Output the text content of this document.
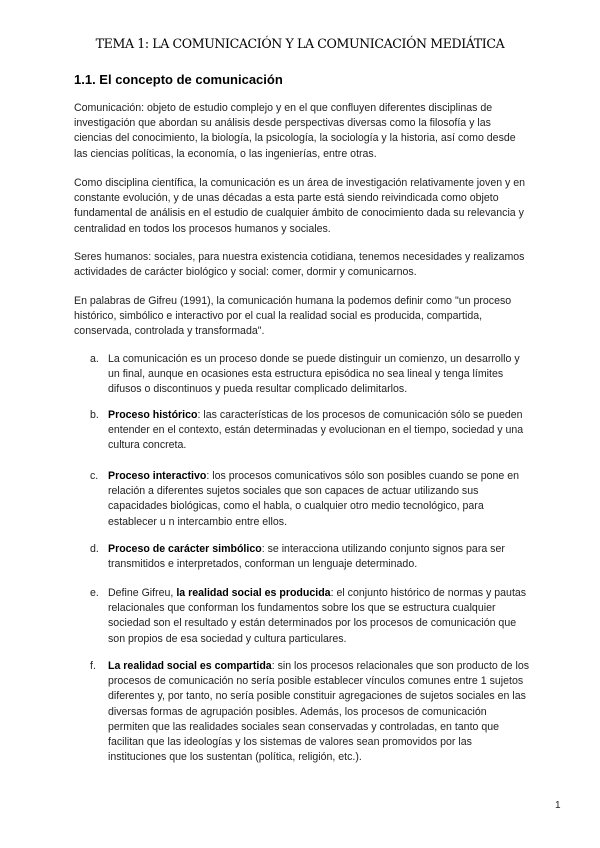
TEMA 1: LA COMUNICACIÓN Y LA COMUNICACIÓN MEDIÁTICA
1.1. El concepto de comunicación
Comunicación: objeto de estudio complejo y en el que confluyen diferentes disciplinas de investigación que abordan su análisis desde perspectivas diversas como la filosofía y las ciencias del conocimiento, la biología, la psicología, la sociología y la historia, así como desde las ciencias políticas, la economía, o las ingenierías, entre otras.
Como disciplina científica, la comunicación es un área de investigación relativamente joven y en constante evolución, y de unas décadas a esta parte está siendo reivindicada como objeto fundamental de análisis en el estudio de cualquier ámbito de conocimiento dada su relevancia y centralidad en todos los procesos humanos y sociales.
Seres humanos: sociales, para nuestra existencia cotidiana, tenemos necesidades y realizamos actividades de carácter biológico y social: comer, dormir y comunicarnos.
En palabras de Gifreu (1991), la comunicación humana la podemos definir como "un proceso histórico, simbólico e interactivo por el cual la realidad social es producida, compartida, conservada, controlada y transformada".
a. La comunicación es un proceso donde se puede distinguir un comienzo, un desarrollo y un final, aunque en ocasiones esta estructura episódica no sea lineal y tenga límites difusos o discontinuos y pueda resultar complicado delimitarlos.
b. Proceso histórico: las características de los procesos de comunicación sólo se pueden entender en el contexto, están determinadas y evolucionan en el tiempo, sociedad y una cultura concreta.
c. Proceso interactivo: los procesos comunicativos sólo son posibles cuando se pone en relación a diferentes sujetos sociales que son capaces de actuar utilizando sus capacidades biológicas, como el habla, o cualquier otro medio tecnológico, para establecer u n intercambio entre ellos.
d. Proceso de carácter simbólico: se interacciona utilizando conjunto signos para ser transmitidos e interpretados, conforman un lenguaje determinado.
e. Define Gifreu, la realidad social es producida: el conjunto histórico de normas y pautas relacionales que conforman los fundamentos sobre los que se estructura cualquier sociedad son el resultado y están determinados por los procesos de comunicación que son propios de esa sociedad y cultura particulares.
f.	La realidad social es compartida: sin los procesos relacionales que son producto de los procesos de comunicación no sería posible establecer vínculos comunes entre 1 sujetos diferentes y, por tanto, no sería posible constituir agregaciones de sujetos sociales en las diversas formas de agrupación posibles. Además, los procesos de comunicación permiten que las realidades sociales sean conservadas y controladas, en tanto que facilitan que las ideologías y los sistemas de valores sean promovidos por las instituciones que los sustentan (política, religión, etc.).
1
